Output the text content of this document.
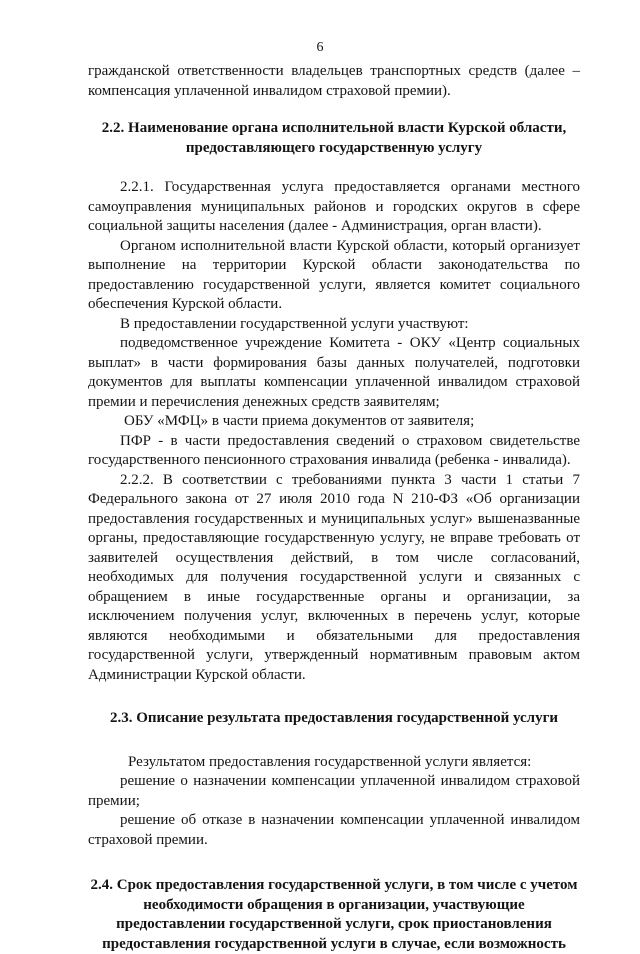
6

гражданской ответственности владельцев транспортных средств (далее – компенсация уплаченной инвалидом страховой премии).

2.2. Наименование органа исполнительной власти Курской области, предоставляющего государственную услугу

2.2.1. Государственная услуга предоставляется органами местного самоуправления муниципальных районов и городских округов в сфере социальной защиты населения (далее - Администрация, орган власти).

Органом исполнительной власти Курской области, который организует выполнение на территории Курской области законодательства по предоставлению государственной услуги, является комитет социального обеспечения Курской области.

В предоставлении государственной услуги участвуют:

подведомственное учреждение Комитета - ОКУ «Центр социальных выплат» в части формирования базы данных получателей, подготовки документов для выплаты компенсации уплаченной инвалидом страховой премии и перечисления денежных средств заявителям;

ОБУ «МФЦ» в части приема документов от заявителя;

ПФР - в части предоставления сведений о страховом свидетельстве государственного пенсионного страхования инвалида (ребенка - инвалида).

2.2.2. В соответствии с требованиями пункта 3 части 1 статьи 7 Федерального закона от 27 июля 2010 года N 210-ФЗ «Об организации предоставления государственных и муниципальных услуг» вышеназванные органы, предоставляющие государственную услугу, не вправе требовать от заявителей осуществления действий, в том числе согласований, необходимых для получения государственной услуги и связанных с обращением в иные государственные органы и организации, за исключением получения услуг, включенных в перечень услуг, которые являются необходимыми и обязательными для предоставления государственной услуги, утвержденный нормативным правовым актом Администрации Курской области.

2.3. Описание результата предоставления государственной услуги

Результатом предоставления государственной услуги является:

решение о назначении компенсации уплаченной инвалидом страховой премии;

решение об отказе в назначении компенсации уплаченной инвалидом страховой премии.

2.4. Срок предоставления государственной услуги, в том числе с учетом необходимости обращения в организации, участвующие предоставлении государственной услуги, срок приостановления предоставления государственной услуги в случае, если возможность
